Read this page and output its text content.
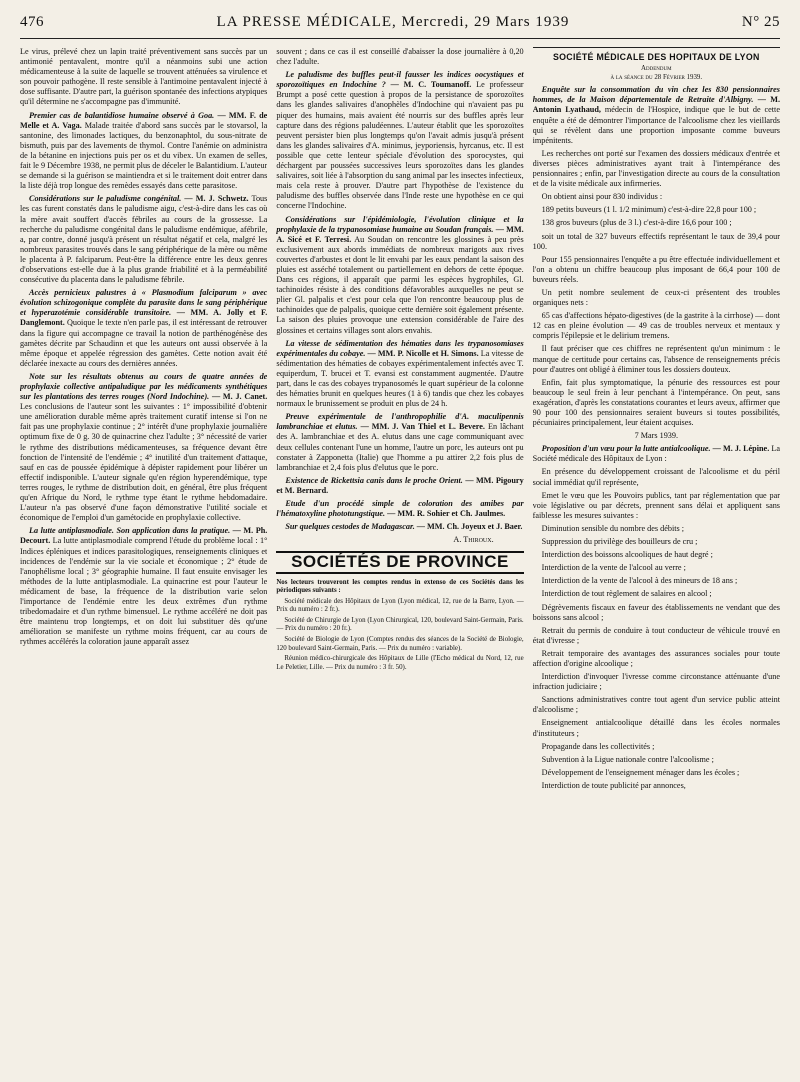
476	LA PRESSE MÉDICALE, Mercredi, 29 Mars 1939	N° 25

Le virus, prélevé chez un lapin traité préventivement sans succès par un antimonié pentavalent, montre qu'il a néanmoins subi une action médicamenteuse à la suite de laquelle se trouvent atténuées sa virulence et son pouvoir pathogène. Il reste sensible à l'antimoine pentavalent injecté à dose suffisante. D'autre part, la guérison spontanée des infections atypiques qu'il détermine ne s'accompagne pas d'immunité.

Premier cas de balantidiose humaine observé à Goa. — MM. F. de Melle et A. Vaga. Malade traitée d'abord sans succès par le stovarsol, la santonine, des limonades lactiques, du benzonaphtol, du sous-nitrate de bismuth, puis par des lavements de thymol. Contre l'anémie on administra de la bétanine en injections puis per os et du vibex. Un examen de selles, fait le 9 Décembre 1938, ne permit plus de déceler le Balantidium. L'auteur se demande si la guérison se maintiendra et si le traitement doit entrer dans la liste déjà trop longue des remèdes essayés dans cette parasitose.

Considérations sur le paludisme congénital. — M. J. Schwetz. Tous les cas furent constatés dans le paludisme aigu, c'est-à-dire dans les cas où la mère avait souffert d'accès fébriles au cours de la grossesse. La recherche du paludisme congénital dans le paludisme endémique, afébrile, a, par contre, donné jusqu'à présent un résultat négatif et cela, malgré les nombreux parasites trouvés dans le sang périphérique de la mère ou même le placenta à P. falciparum. Peut-être la différence entre les deux genres d'observations est-elle due à la plus grande friabilité et à la perméabilité consécutive du placenta dans le paludisme fébrile.

Accès pernicieux palustres à « Plasmodium falciparum » avec évolution schizogonique complète du parasite dans le sang périphérique et hyperazotémie considérable transitoire. — MM. A. Jolly et F. Danglemont. Quoique le texte n'en parle pas, il est intéressant de retrouver dans la figure qui accompagne ce travail la notion de parthénogénèse des gamètes décrite par Schaudinn et que les auteurs ont aussi observée à la même époque et appelée régression des gamètes. Cette notion avait été déclarée inexacte au cours des dernières années.

Note sur les résultats obtenus au cours de quatre années de prophylaxie collective antipaludique par les médicaments synthétiques sur les plantations des terres rouges (Nord Indochine). — M. J. Canet. Les conclusions de l'auteur sont les suivantes : 1° impossibilité d'obtenir une amélioration durable même après traitement curatif intense si l'on ne fait pas une prophylaxie continue ; 2° intérêt d'une prophylaxie journalière optimum fixe de 0 g. 30 de quinacrine chez l'adulte ; 3° nécessité de varier le rythme des distributions médicamenteuses, sa fréquence devant être fonction de l'intensité de l'endémie ; 4° inutilité d'un traitement d'attaque, sauf en cas de poussée épidémique à dépister rapidement pour libérer un effectif indisponible. L'auteur signale qu'en région hyperendémique, type terres rouges, le rythme de distribution doit, en général, être plus fréquent qu'en Afrique du Nord, le rythme type étant le rythme hebdomadaire. L'auteur n'a pas observé d'une façon démonstrative l'utilité sociale et économique de l'emploi d'un gamétocide en prophylaxie collective.

La lutte antiplasmodiale. Son application dans la pratique. — M. Ph. Decourt. La lutte antiplasmodiale comprend l'étude du problème local : 1° Indices épléniques et indices parasitologiques, renseignements cliniques et incidences de l'endémie sur la vie sociale et économique ; 2° étude de l'anophélisme local ; 3° géographie humaine. Il faut ensuite envisager les méthodes de la lutte antiplasmodiale. La quinacrine est pour l'auteur le médicament de base, la fréquence de la distribution varie selon l'importance de l'endémie entre les deux extrêmes d'un rythme tribedomadaire et d'un rythme bimensuel. Le rythme accéléré ne doit pas être maintenu trop longtemps, et on doit lui substituer dès qu'une amélioration se manifeste un rythme moins fréquent, car au cours de rythmes accélérés la coloration jaune apparaît assez

souvent ; dans ce cas il est conseillé d'abaisser la dose journalière à 0,20 chez l'adulte.

Le paludisme des buffles peut-il fausser les indices oocystiques et sporozoïtiques en Indochine ? — M. C. Toumanoff. Le professeur Brumpt a posé cette question à propos de la persistance de sporozoïtes dans les glandes salivaires d'anophèles d'Indochine qui n'avaient pas pu piquer des humains, mais avaient été nourris sur des buffles après leur capture dans des régions paludéennes. L'auteur établit que les sporozoïtes peuvent persister bien plus longtemps qu'on l'avait admis jusqu'à présent dans les glandes salivaires d'A. minimus, jeyporiensis, hyrcanus, etc. Il est possible que cette lenteur spéciale d'évolution des sporocystes, qui déchargent par poussées successives leurs sporozoïtes dans les glandes salivaires, soit liée à l'absorption du sang animal par les insectes infectieux, mais cela reste à prouver. D'autre part l'hypothèse de l'existence du paludisme des buffles observée dans l'Inde reste une hypothèse en ce qui concerne l'Indochine.

Considérations sur l'épidémiologie, l'évolution clinique et la prophylaxie de la trypanosomiase humaine au Soudan français. — MM. A. Sicé et F. Terresi. Au Soudan on rencontre les glossines à peu près exclusivement aux abords immédiats de nombreux marigots aux rives couvertes d'arbustes et dont le lit envahi par les eaux pendant la saison des pluies est asséché totalement ou partiellement en dehors de cette époque. Dans ces régions, il apparaît que parmi les espèces hygrophiles, Gl. tachinoides résiste à des conditions défavorables auxquelles ne peut se plier Gl. palpalis et c'est pour cela que l'on rencontre beaucoup plus de tachinoides que de palpalis, quoique cette dernière soit également présente. La saison des pluies provoque une extension considérable de l'aire des glossines et certains villages sont alors envahis.

La vitesse de sédimentation des hématies dans les trypanosomiases expérimentales du cobaye. — MM. P. Nicolle et H. Simons. La vitesse de sédimentation des hématies de cobayes expérimentalement infectés avec T. equiperdum, T. brucei et T. evansi est constamment augmentée. D'autre part, dans le cas des cobayes trypanosomés le quart supérieur de la colonne des hématies brunit en quelques heures (1 à 6) tandis que chez les cobayes normaux le brunissement se produit en plus de 24 h.

Preuve expérimentale de l'anthropophilie d'A. maculipennis lambranchiae et elutus. — MM. J. Van Thiel et L. Bevere. En lâchant des A. lambranchiae et des A. elutus dans une cage communiquant avec deux cellules contenant l'une un homme, l'autre un porc, les auteurs ont pu constater à Zapponetta (Italie) que l'homme a pu attirer 2,2 fois plus de lambranchiae et 2,4 fois plus d'elutus que le porc.

Existence de Rickettsia canis dans le proche Orient. — MM. Pigoury et M. Bernard.

Etude d'un procédé simple de coloration des amibes par l'hématoxyline phototungstique. — MM. R. Sohier et Ch. Jaulmes.

Sur quelques cestodes de Madagascar. — MM. Ch. Joyeux et J. Baer.

A. Thiroux.

SOCIÉTÉS DE PROVINCE

Nos lecteurs trouveront les comptes rendus in extenso de ces Sociétés dans les périodiques suivants :

Société médicale des Hôpitaux de Lyon (Lyon médical, 12, rue de la Barre, Lyon. — Prix du numéro : 2 fr.).

Société de Chirurgie de Lyon (Lyon Chirurgical, 120, boulevard Saint-Germain, Paris. — Prix du numéro : 20 fr.).

Société de Biologie de Lyon (Comptes rendus des séances de la Société de Biologie, 120 boulevard Saint-Germain, Paris. — Prix du numéro : variable).

Réunion médico-chirurgicale des Hôpitaux de Lille (l'Echo médical du Nord, 12, rue Le Peletier, Lille. — Prix du numéro : 3 fr. 50).

SOCIÉTÉ MÉDICALE DES HOPITAUX DE LYON

Addendum

à la séance du 28 Février 1939.

Enquête sur la consommation du vin chez les 830 pensionnaires hommes, de la Maison départementale de Retraite d'Albigny. — M. Antonin Lyathaud, médecin de l'Hospice, indique que le but de cette enquête a été de démontrer l'importance de l'alcoolisme chez les vieillards qui se révèlent dans une proportion imposante comme buveurs impénitents.

Les recherches ont porté sur l'examen des dossiers médicaux d'entrée et diverses pièces administratives ayant trait à l'intempérance des pensionnaires ; enfin, par l'investigation directe au cours de la consultation et de la visite médicale aux infirmeries.

On obtient ainsi pour 830 individus :

189 petits buveurs (1 l. 1/2 minimum) c'est-à-dire 22,8 pour 100 ;

138 gros buveurs (plus de 3 l.) c'est-à-dire 16,6 pour 100 ;

soit un total de 327 buveurs effectifs représentant le taux de 39,4 pour 100.

Pour 155 pensionnaires l'enquête a pu être effectuée individuellement et l'on a obtenu un chiffre beaucoup plus imposant de 66,4 pour 100 de buveurs réels.

Un petit nombre seulement de ceux-ci présentent des troubles organiques nets :

65 cas d'affections hépato-digestives (de la gastrite à la cirrhose) — dont 12 cas en pleine évolution — 49 cas de troubles nerveux et mentaux y compris l'épilepsie et le delirium tremens.

Il faut préciser que ces chiffres ne représentent qu'un minimum : le manque de certitude pour certains cas, l'absence de renseignements précis pour d'autres ont obligé à éliminer tous les dossiers douteux.

Enfin, fait plus symptomatique, la pénurie des ressources est pour beaucoup le seul frein à leur penchant à l'intempérance. On peut, sans exagération, d'après les constatations courantes et leurs aveux, affirmer que 90 pour 100 des pensionnaires seraient buveurs si toutes possibilités, pécuniaires principalement, leur étaient acquises.

7 Mars 1939.

Proposition d'un vœu pour la lutte antialcoolique. — M. J. Lépine. La Société médicale des Hôpitaux de Lyon :

En présence du développement croissant de l'alcoolisme et du péril social immédiat qu'il représente,

Emet le vœu que les Pouvoirs publics, tant par réglementation que par voie législative ou par décrets, prennent sans délai et appliquent sans faiblesse les mesures suivantes :

Diminution sensible du nombre des débits ;

Suppression du privilège des bouilleurs de cru ;

Interdiction des boissons alcooliques de haut degré ;

Interdiction de la vente de l'alcool au verre ;

Interdiction de la vente de l'alcool à des mineurs de 18 ans ;

Interdiction de tout règlement de salaires en alcool ;

Dégrèvements fiscaux en faveur des établissements ne vendant que des boissons sans alcool ;

Retrait du permis de conduire à tout conducteur de véhicule trouvé en état d'ivresse ;

Retrait temporaire des avantages des assurances sociales pour toute affection d'origine alcoolique ;

Interdiction d'invoquer l'ivresse comme circonstance atténuante d'une infraction judiciaire ;

Sanctions administratives contre tout agent d'un service public atteint d'alcoolisme ;

Enseignement antialcoolique détaillé dans les écoles normales d'instituteurs ;

Propagande dans les collectivités ;

Subvention à la Ligue nationale contre l'alcoolisme ;

Développement de l'enseignement ménager dans les écoles ;

Interdiction de toute publicité par annonces,
